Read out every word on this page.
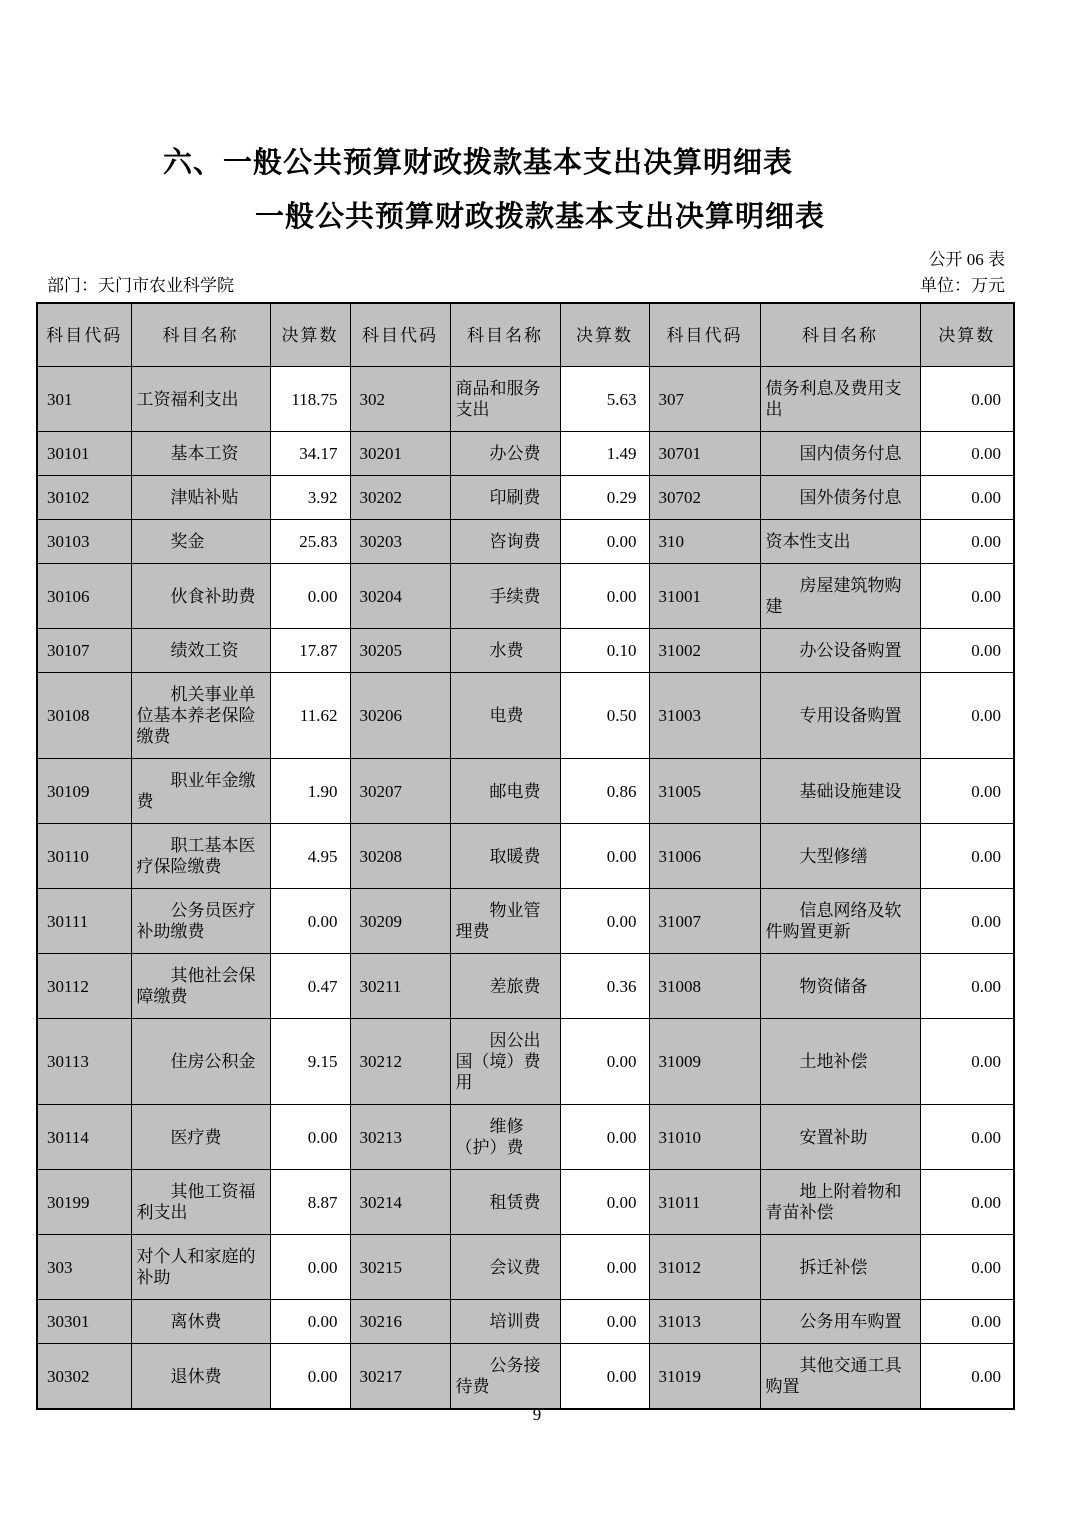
六、一般公共预算财政拨款基本支出决算明细表
一般公共预算财政拨款基本支出决算明细表
公开 06 表
部门：天门市农业科学院	单位：万元
科目代码	科目名称	决算数	科目代码	科目名称	决算数	科目代码	科目名称	决算数
301	工资福利支出	118.75	302	商品和服务支出	5.63	307	债务利息及费用支出	0.00
30101	基本工资	34.17	30201	办公费	1.49	30701	国内债务付息	0.00
30102	津贴补贴	3.92	30202	印刷费	0.29	30702	国外债务付息	0.00
30103	奖金	25.83	30203	咨询费	0.00	310	资本性支出	0.00
30106	伙食补助费	0.00	30204	手续费	0.00	31001	房屋建筑物购建	0.00
30107	绩效工资	17.87	30205	水费	0.10	31002	办公设备购置	0.00
30108	机关事业单位基本养老保险缴费	11.62	30206	电费	0.50	31003	专用设备购置	0.00
30109	职业年金缴费	1.90	30207	邮电费	0.86	31005	基础设施建设	0.00
30110	职工基本医疗保险缴费	4.95	30208	取暖费	0.00	31006	大型修缮	0.00
30111	公务员医疗补助缴费	0.00	30209	物业管理费	0.00	31007	信息网络及软件购置更新	0.00
30112	其他社会保障缴费	0.47	30211	差旅费	0.36	31008	物资储备	0.00
30113	住房公积金	9.15	30212	因公出国（境）费用	0.00	31009	土地补偿	0.00
30114	医疗费	0.00	30213	维修（护）费	0.00	31010	安置补助	0.00
30199	其他工资福利支出	8.87	30214	租赁费	0.00	31011	地上附着物和青苗补偿	0.00
303	对个人和家庭的补助	0.00	30215	会议费	0.00	31012	拆迁补偿	0.00
30301	离休费	0.00	30216	培训费	0.00	31013	公务用车购置	0.00
30302	退休费	0.00	30217	公务接待费	0.00	31019	其他交通工具购置	0.00
9
